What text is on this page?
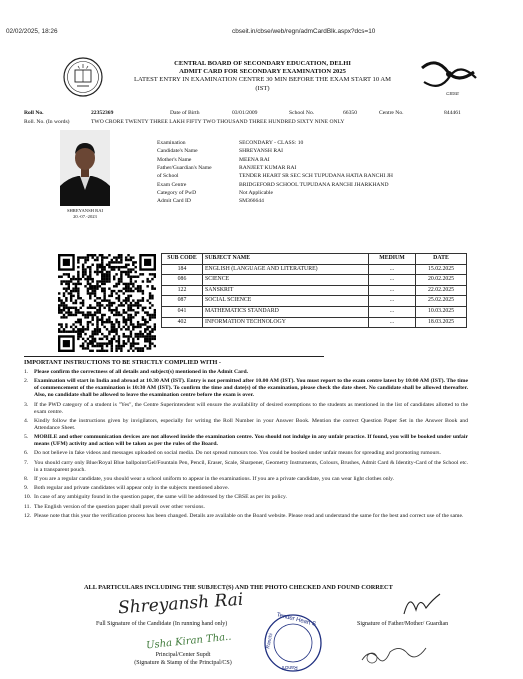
02/02/2025, 18:26	cbseit.in/cbse/web/regn/admCardBlk.aspx?dcs=10
CBSE
CENTRAL BOARD OF SECONDARY EDUCATION, DELHI
ADMIT CARD FOR SECONDARY EXAMINATION 2025
LATEST ENTRY IN EXAMINATION CENTRE 30 MIN BEFORE THE EXAM START 10 AM
(IST)
Roll No.	22352369	Date of Birth	03/01/2009	School No.	66350	Centre No.	844461
Roll. No. (In words)	TWO CRORE TWENTY THREE LAKH FIFTY TWO THOUSAND THREE HUNDRED SIXTY NINE ONLY
SHREYANSH RAI
20.-07.-2023
Examination	SECONDARY - CLASS: 10
Candidate's Name	SHREYANSH RAI
Mother's Name	MEENA RAI
Father/Guardian's Name	RANJEET KUMAR RAI
of School	TENDER HEART SR SEC SCH TUPUDANA HATIA RANCHI JH
Exam Centre	BRIDGEFORD SCHOOL TUPUDANA RANCHI JHARKHAND
Category of PwD	Not Applicable
Admit Card ID	SM366644
SUB CODE	SUBJECT NAME	MEDIUM	DATE
184	ENGLISH (LANGUAGE AND LITERATURE)	...	15.02.2025
086	SCIENCE	...	20.02.2025
122	SANSKRIT	...	22.02.2025
087	SOCIAL SCIENCE	...	25.02.2025
041	MATHEMATICS STANDARD	...	10.03.2025
402	INFORMATION TECHNOLOGY	...	18.03.2025
IMPORTANT INSTRUCTIONS TO BE STRICTLY COMPLIED WITH -
1.	Please confirm the correctness of all details and subject(s) mentioned in the Admit Card.
2.	Examination will start in India and abroad at 10.30 AM (IST). Entry is not permitted after 10.00 AM (IST). You must report to the exam centre latest by 10:00 AM (IST). The time of commencement of the examination is 10:30 AM (IST). To confirm the time and date(s) of the examination, please check the date sheet. No candidate shall be allowed thereafter. Also, no candidate shall be allowed to leave the examination centre before the exam is over.
3.	If the PWD category of a student is "Yes", the Centre Superintendent will ensure the availability of desired exemptions to the students as mentioned in the list of candidates allotted to the exam centre.
4.	Kindly follow the instructions given by invigilators, especially for writing the Roll Number in your Answer Book. Mention the correct Question Paper Set in the Answer Book and Attendance Sheet.
5.	MOBILE and other communication devices are not allowed inside the examination centre. You should not indulge in any unfair practice. If found, you will be booked under unfair means (UFM) activity and action will be taken as per the rules of the Board.
6.	Do not believe in fake videos and messages uploaded on social media. Do not spread rumours too. You could be booked under unfair means for spreading and promoting rumours.
7.	You should carry only Blue/Royal Blue ballpoint/Gel/Fountain Pen, Pencil, Eraser, Scale, Sharpener, Geometry Instruments, Colours, Brushes, Admit Card & Identity-Card of the School etc. in a transparent pouch.
8.	If you are a regular candidate, you should wear a school uniform to appear in the examinations. If you are a private candidate, you can wear light clothes only.
9.	Both regular and private candidates will appear only in the subjects mentioned above.
10. In case of any ambiguity found in the question paper, the same will be addressed by the CBSE as per its policy.
11. The English version of the question paper shall prevail over other versions.
12. Please note that this year the verification process has been changed. Details are available on the Board website. Please read and understand the same for the best and correct use of the same.
ALL PARTICULARS INCLUDING THE SUBJECT(S) AND THE PHOTO CHECKED AND FOUND CORRECT
Shreyansh Rai
Full Signature of the Candidate (In running hand only)	Signature of Father/Mother/ Guardian
Usha Kiran Tha..
Principal/Center Supdt
(Signature & Stamp of the Principal/CS)
Tender Heart S
Ranchi
Ranchi
